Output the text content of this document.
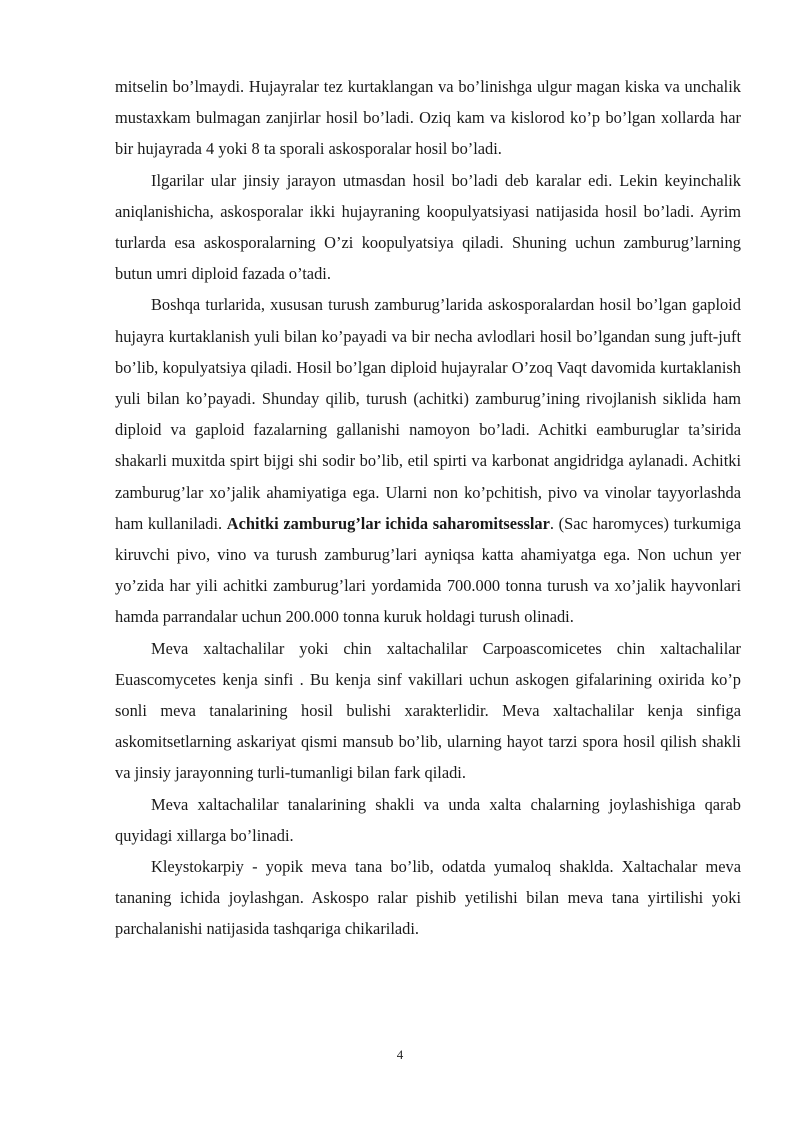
mitselin bo’lmaydi. Hujayralar tez kurtaklangan va bo’linishga ulgur magan kiska va unchalik mustaxkam bulmagan zanjirlar hosil bo’ladi. Oziq kam va kislorod ko’p bo’lgan xollarda har bir hujayrada 4 yoki 8 ta sporali askosporalar hosil bo’ladi.

Ilgarilar ular jinsiy jarayon utmasdan hosil bo’ladi deb karalar edi. Lekin keyinchalik aniqlanishicha, askosporalar ikki hujayraning koopulyatsiyasi natijasida hosil bo’ladi. Ayrim turlarda esa askosporalarning O’zi koopulyatsiya qiladi. Shuning uchun zamburug’larning butun umri diploid fazada o’tadi.

Boshqa turlarida, xususan turush zamburug’larida askosporalardan hosil bo’lgan gaploid hujayra kurtaklanish yuli bilan ko’payadi va bir necha avlodlari hosil bo’lgandan sung juft-juft bo’lib, kopulyatsiya qiladi. Hosil bo’lgan diploid hujayralar O’zoq Vaqt davomida kurtaklanish yuli bilan ko’payadi. Shunday qilib, turush (achitki) zamburug’ining rivojlanish siklida ham diploid va gaploid fazalarning gallanishi namoyon bo’ladi. Achitki eamburuglar ta’sirida shakarli muxitda spirt bijgi shi sodir bo’lib, etil spirti va karbonat angidridga aylanadi. Achitki zamburug’lar xo’jalik ahamiyatiga ega. Ularni non ko’pchitish, pivo va vinolar tayyorlashda ham kullaniladi. Achitki zamburug’lar ichida saharomitsesslar. (Sac haromyces) turkumiga kiruvchi pivo, vino va turush zamburug’lari ayniqsa katta ahamiyatga ega. Non uchun yer yo’zida har yili achitki zamburug’lari yordamida 700.000 tonna turush va xo’jalik hayvonlari hamda parrandalar uchun 200.000 tonna kuruk holdagi turush olinadi.

Meva xaltachalilar yoki chin xaltachalilar Carpoascomicetes chin xaltachalilar Euascomycetes kenja sinfi . Bu kenja sinf vakillari uchun askogen gifalarining oxirida ko’p sonli meva tanalarining hosil bulishi xarakterlidir. Meva xaltachalilar kenja sinfiga askomitsetlarning askariyat qismi mansub bo’lib, ularning hayot tarzi spora hosil qilish shakli va jinsiy jarayonning turli-tumanligi bilan fark qiladi.

Meva xaltachalilar tanalarining shakli va unda xalta chalarning joylashishiga qarab quyidagi xillarga bo’linadi.

Kleystokarpiy - yopik meva tana bo’lib, odatda yumaloq shaklda. Xaltachalar meva tananing ichida joylashgan. Askospo ralar pishib yetilishi bilan meva tana yirtilishi yoki parchalanishi natijasida tashqariga chikariladi.

4
